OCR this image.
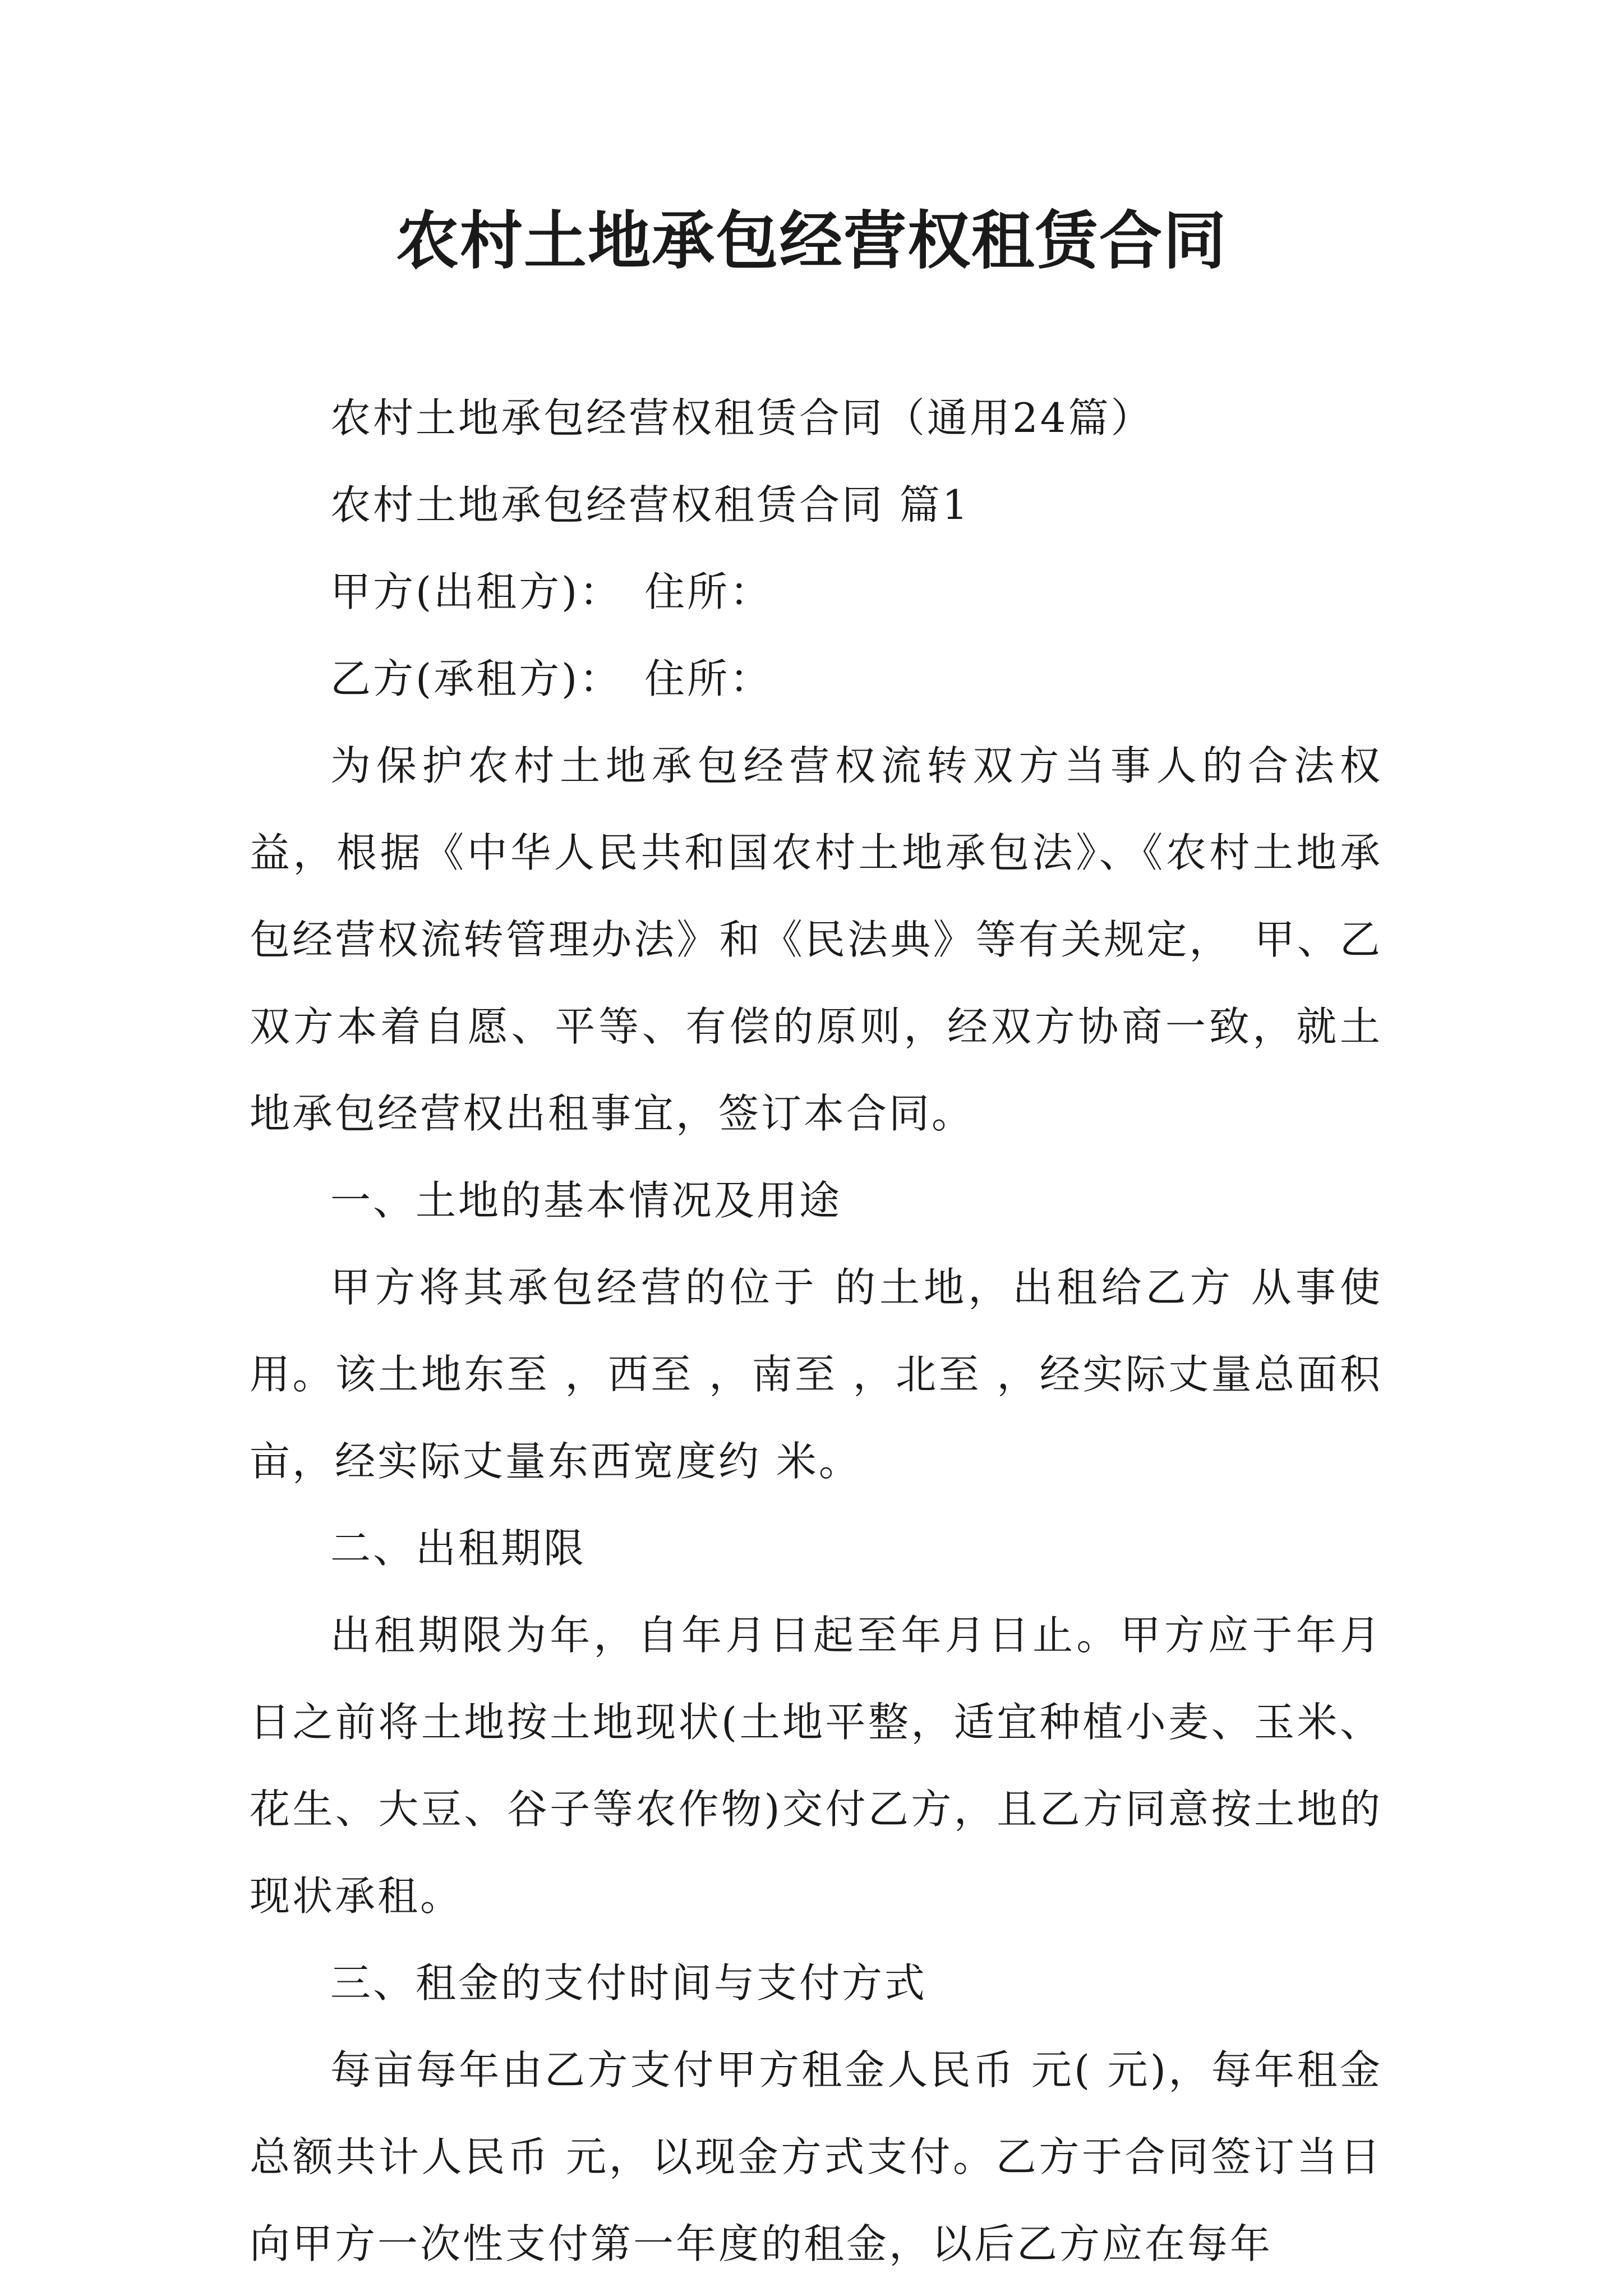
农村土地承包经营权租赁合同

农村土地承包经营权租赁合同（通用24篇）

农村土地承包经营权租赁合同 篇1

甲方(出租方)：　住所：

乙方(承租方)：　住所：

为保护农村土地承包经营权流转双方当事人的合法权益，根据《中华人民共和国农村土地承包法》、《农村土地承包经营权流转管理办法》和《民法典》等有关规定，　甲、乙双方本着自愿、平等、有偿的原则，经双方协商一致，就土地承包经营权出租事宜，签订本合同。

一、土地的基本情况及用途

甲方将其承包经营的位于 的土地，出租给乙方 从事使用。该土地东至 ，西至 ，南至 ，北至 ，经实际丈量总面积 亩，经实际丈量东西宽度约 米。

二、出租期限

出租期限为年，自年月日起至年月日止。甲方应于年月日之前将土地按土地现状(土地平整，适宜种植小麦、玉米、花生、大豆、谷子等农作物)交付乙方，且乙方同意按土地的现状承租。

三、租金的支付时间与支付方式

每亩每年由乙方支付甲方租金人民币 元( 元)，每年租金总额共计人民币 元，以现金方式支付。乙方于合同签订当日向甲方一次性支付第一年度的租金，以后乙方应在每年
